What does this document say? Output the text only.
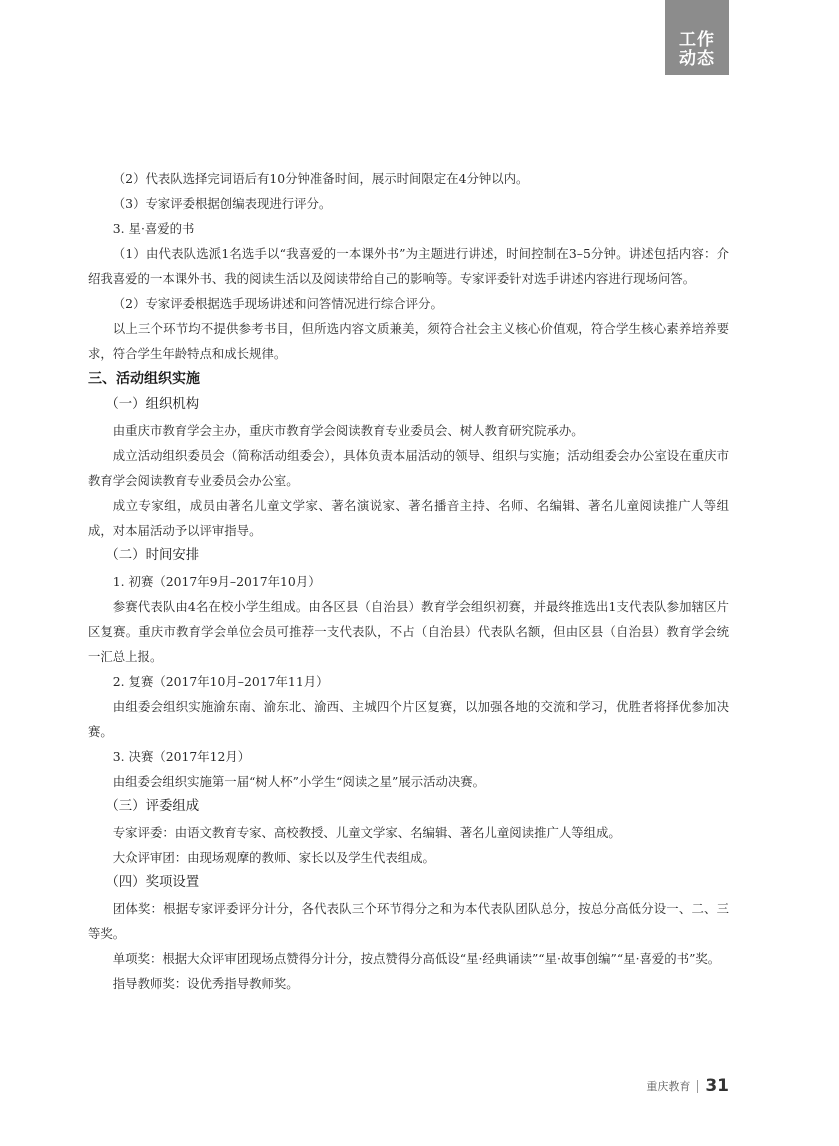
工作
动态

（2）代表队选择完词语后有10分钟准备时间，展示时间限定在4分钟以内。

（3）专家评委根据创编表现进行评分。

3. 星·喜爱的书

（1）由代表队选派1名选手以“我喜爱的一本课外书”为主题进行讲述，时间控制在3–5分钟。讲述包括内容：介绍我喜爱的一本课外书、我的阅读生活以及阅读带给自己的影响等。专家评委针对选手讲述内容进行现场问答。

（2）专家评委根据选手现场讲述和问答情况进行综合评分。

以上三个环节均不提供参考书目，但所选内容文质兼美，须符合社会主义核心价值观，符合学生核心素养培养要求，符合学生年龄特点和成长规律。

三、活动组织实施

（一）组织机构

由重庆市教育学会主办，重庆市教育学会阅读教育专业委员会、树人教育研究院承办。

成立活动组织委员会（简称活动组委会），具体负责本届活动的领导、组织与实施；活动组委会办公室设在重庆市教育学会阅读教育专业委员会办公室。

成立专家组，成员由著名儿童文学家、著名演说家、著名播音主持、名师、名编辑、著名儿童阅读推广人等组成，对本届活动予以评审指导。

（二）时间安排

1. 初赛（2017年9月–2017年10月）

参赛代表队由4名在校小学生组成。由各区县（自治县）教育学会组织初赛，并最终推选出1支代表队参加辖区片区复赛。重庆市教育学会单位会员可推荐一支代表队，不占（自治县）代表队名额，但由区县（自治县）教育学会统一汇总上报。

2. 复赛（2017年10月–2017年11月）

由组委会组织实施渝东南、渝东北、渝西、主城四个片区复赛，以加强各地的交流和学习，优胜者将择优参加决赛。

3. 决赛（2017年12月）

由组委会组织实施第一届“树人杯”小学生“阅读之星”展示活动决赛。

（三）评委组成

专家评委：由语文教育专家、高校教授、儿童文学家、名编辑、著名儿童阅读推广人等组成。

大众评审团：由现场观摩的教师、家长以及学生代表组成。

（四）奖项设置

团体奖：根据专家评委评分计分，各代表队三个环节得分之和为本代表队团队总分，按总分高低分设一、二、三等奖。

单项奖：根据大众评审团现场点赞得分计分，按点赞得分高低设“星·经典诵读”“星·故事创编”“星·喜爱的书”奖。

指导教师奖：设优秀指导教师奖。

重庆教育 31
